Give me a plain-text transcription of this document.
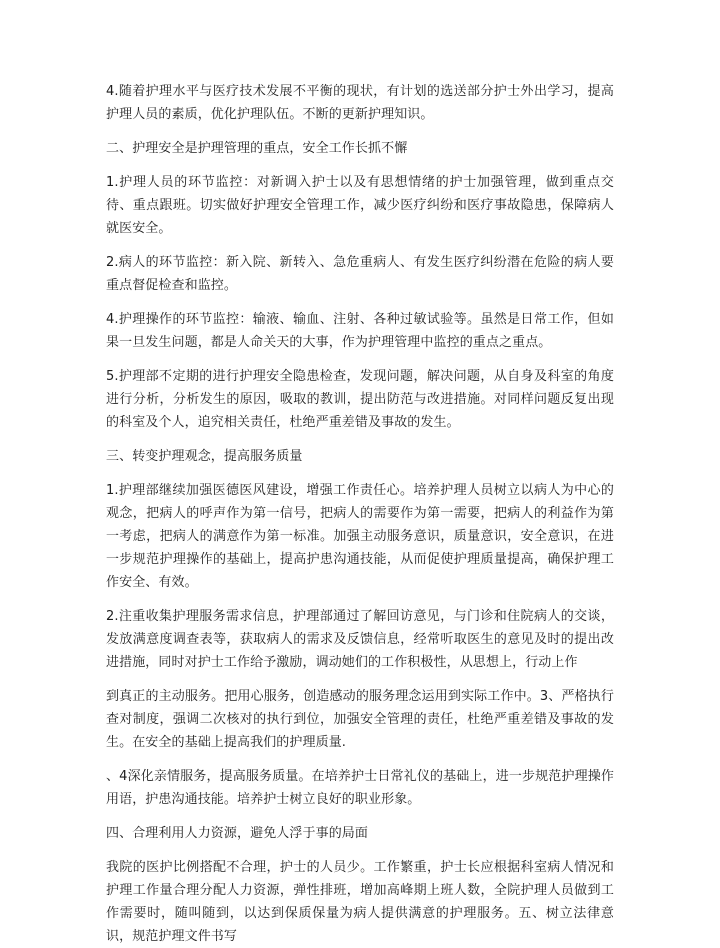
4.随着护理水平与医疗技术发展不平衡的现状，有计划的选送部分护士外出学习，提高护理人员的素质，优化护理队伍。不断的更新护理知识。

二、护理安全是护理管理的重点，安全工作长抓不懈

1.护理人员的环节监控：对新调入护士以及有思想情绪的护士加强管理，做到重点交待、重点跟班。切实做好护理安全管理工作，减少医疗纠纷和医疗事故隐患，保障病人就医安全。

2.病人的环节监控：新入院、新转入、急危重病人、有发生医疗纠纷潜在危险的病人要重点督促检查和监控。

4.护理操作的环节监控：输液、输血、注射、各种过敏试验等。虽然是日常工作，但如果一旦发生问题，都是人命关天的大事，作为护理管理中监控的重点之重点。

5.护理部不定期的进行护理安全隐患检查，发现问题，解决问题，从自身及科室的角度进行分析，分析发生的原因，吸取的教训，提出防范与改进措施。对同样问题反复出现的科室及个人，追究相关责任，杜绝严重差错及事故的发生。

三、转变护理观念，提高服务质量

1.护理部继续加强医德医风建设，增强工作责任心。培养护理人员树立以病人为中心的观念，把病人的呼声作为第一信号，把病人的需要作为第一需要，把病人的利益作为第一考虑，把病人的满意作为第一标准。加强主动服务意识，质量意识，安全意识，在进一步规范护理操作的基础上，提高护患沟通技能，从而促使护理质量提高，确保护理工作安全、有效。

2.注重收集护理服务需求信息，护理部通过了解回访意见，与门诊和住院病人的交谈，发放满意度调查表等，获取病人的需求及反馈信息，经常听取医生的意见及时的提出改进措施，同时对护士工作给予激励，调动她们的工作积极性，从思想上，行动上作

到真正的主动服务。把用心服务，创造感动的服务理念运用到实际工作中。3、严格执行查对制度，强调二次核对的执行到位，加强安全管理的责任，杜绝严重差错及事故的发生。在安全的基础上提高我们的护理质量.

、4深化亲情服务，提高服务质量。在培养护士日常礼仪的基础上，进一步规范护理操作用语，护患沟通技能。培养护士树立良好的职业形象。

四、合理利用人力资源，避免人浮于事的局面

我院的医护比例搭配不合理，护士的人员少。工作繁重，护士长应根据科室病人情况和护理工作量合理分配人力资源，弹性排班，增加高峰期上班人数，全院护理人员做到工作需要时，随叫随到，以达到保质保量为病人提供满意的护理服务。五、树立法律意识，规范护理文件书写
